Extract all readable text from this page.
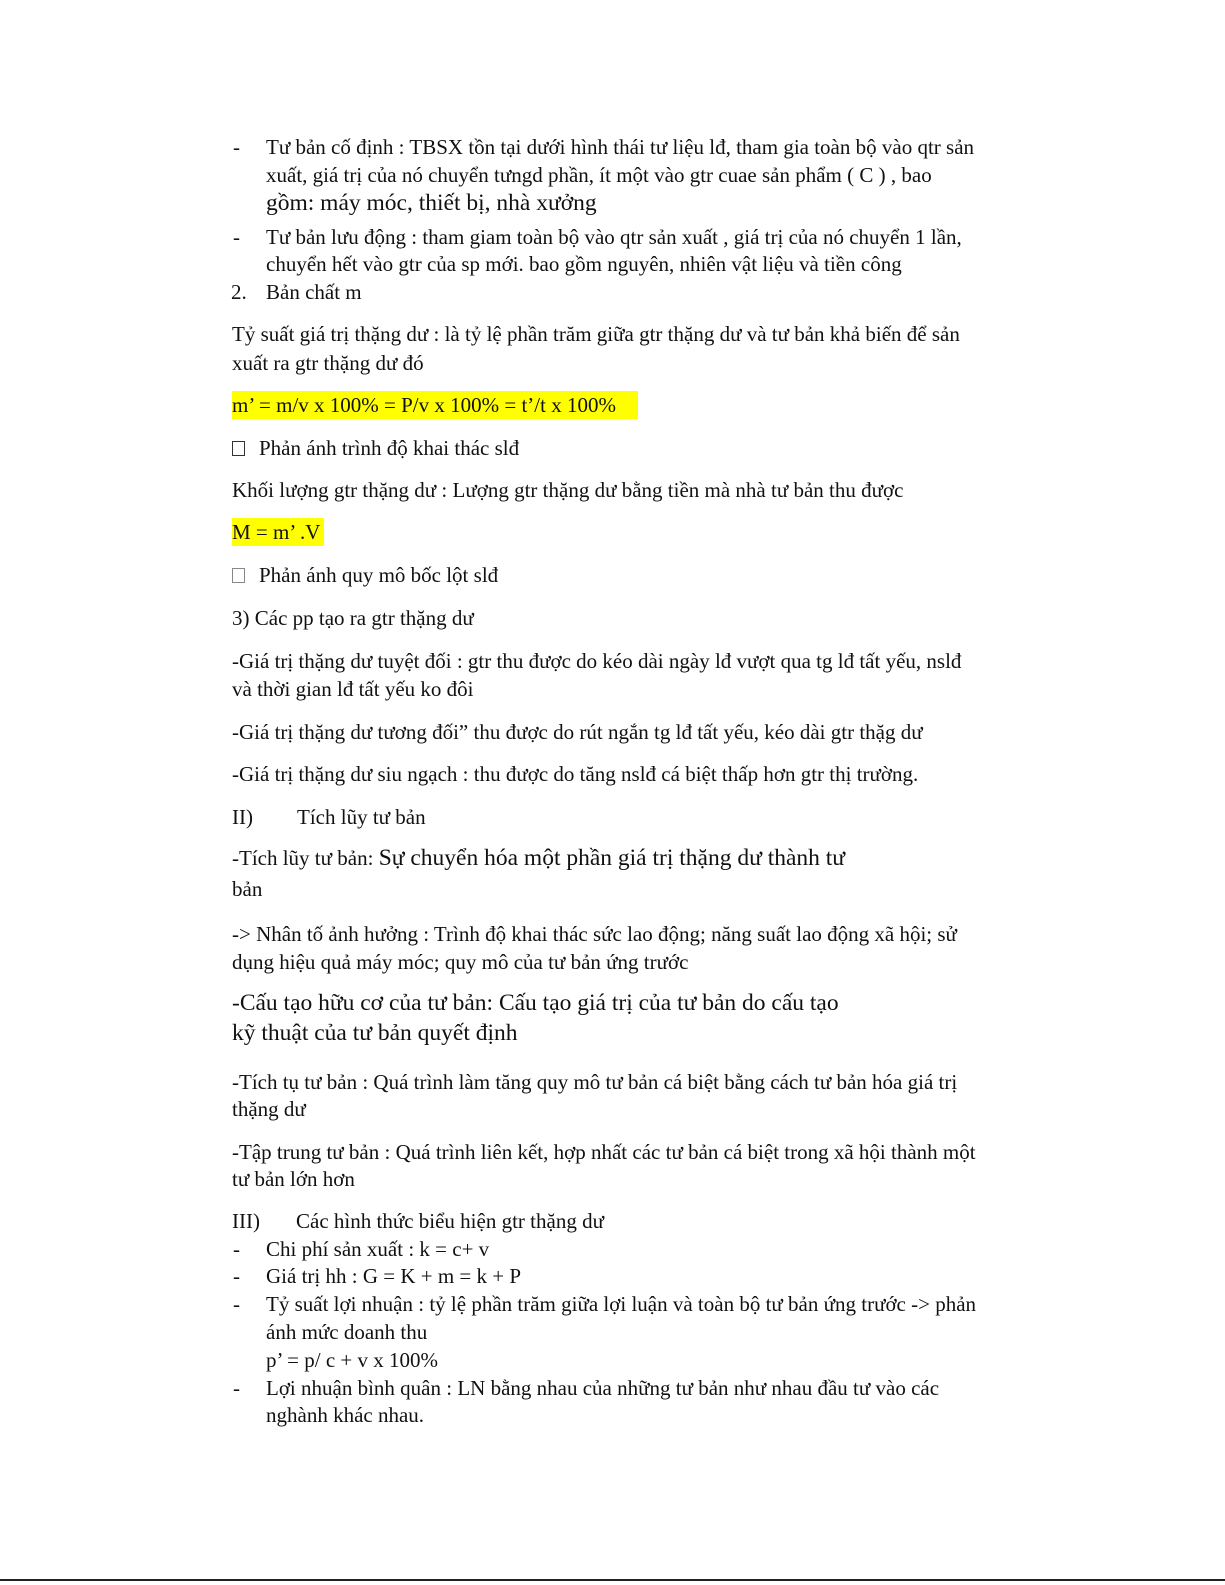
- Tư bản cố định : TBSX tồn tại dưới hình thái tư liệu lđ, tham gia toàn bộ vào qtr sản

xuất, giá trị của nó chuyển tưngd phần, ít một vào gtr cuae sản phẩm ( C ) , bao

gồm: máy móc, thiết bị, nhà xưởng

- Tư bản lưu động : tham giam toàn bộ vào qtr sản xuất , giá trị của nó chuyển 1 lần,

chuyển hết vào gtr của sp mới. bao gồm nguyên, nhiên vật liệu và tiền công

2. Bản chất m

Tỷ suất giá trị thặng dư : là tỷ lệ phần trăm giữa gtr thặng dư và tư bản khả biến để sản

xuất ra gtr thặng dư đó

m’ = m/v x 100% = P/v x 100% = t’/t x 100%

Phản ánh trình độ khai thác slđ

Khối lượng gtr thặng dư : Lượng gtr thặng dư bằng tiền mà nhà tư bản thu được

M = m’ .V

Phản ánh quy mô bốc lột slđ

3) Các pp tạo ra gtr thặng dư

-Giá trị thặng dư tuyệt đối : gtr thu được do kéo dài ngày lđ vượt qua tg lđ tất yếu, nslđ

và thời gian lđ tất yếu ko đôi

-Giá trị thặng dư tương đối” thu được do rút ngắn tg lđ tất yếu, kéo dài gtr thặg dư

-Giá trị thặng dư siu ngạch : thu được do tăng nslđ cá biệt thấp hơn gtr thị trường.

II) Tích lũy tư bản

-Tích lũy tư bản: Sự chuyển hóa một phần giá trị thặng dư thành tư

bản

-> Nhân tố ảnh hưởng : Trình độ khai thác sức lao động; năng suất lao động xã hội; sử

dụng hiệu quả máy móc; quy mô của tư bản ứng trước

-Cấu tạo hữu cơ của tư bản: Cấu tạo giá trị của tư bản do cấu tạo

kỹ thuật của tư bản quyết định

-Tích tụ tư bản : Quá trình làm tăng quy mô tư bản cá biệt bằng cách tư bản hóa giá trị

thặng dư

-Tập trung tư bản : Quá trình liên kết, hợp nhất các tư bản cá biệt trong xã hội thành một

tư bản lớn hơn

III) Các hình thức biểu hiện gtr thặng dư

- Chi phí sản xuất : k = c+ v

- Giá trị hh : G = K + m = k + P

- Tỷ suất lợi nhuận : tỷ lệ phần trăm giữa lợi luận và toàn bộ tư bản ứng trước -> phản

ánh mức doanh thu

p’ = p/ c + v x 100%

- Lợi nhuận bình quân : LN bằng nhau của những tư bản như nhau đầu tư vào các

nghành khác nhau.
